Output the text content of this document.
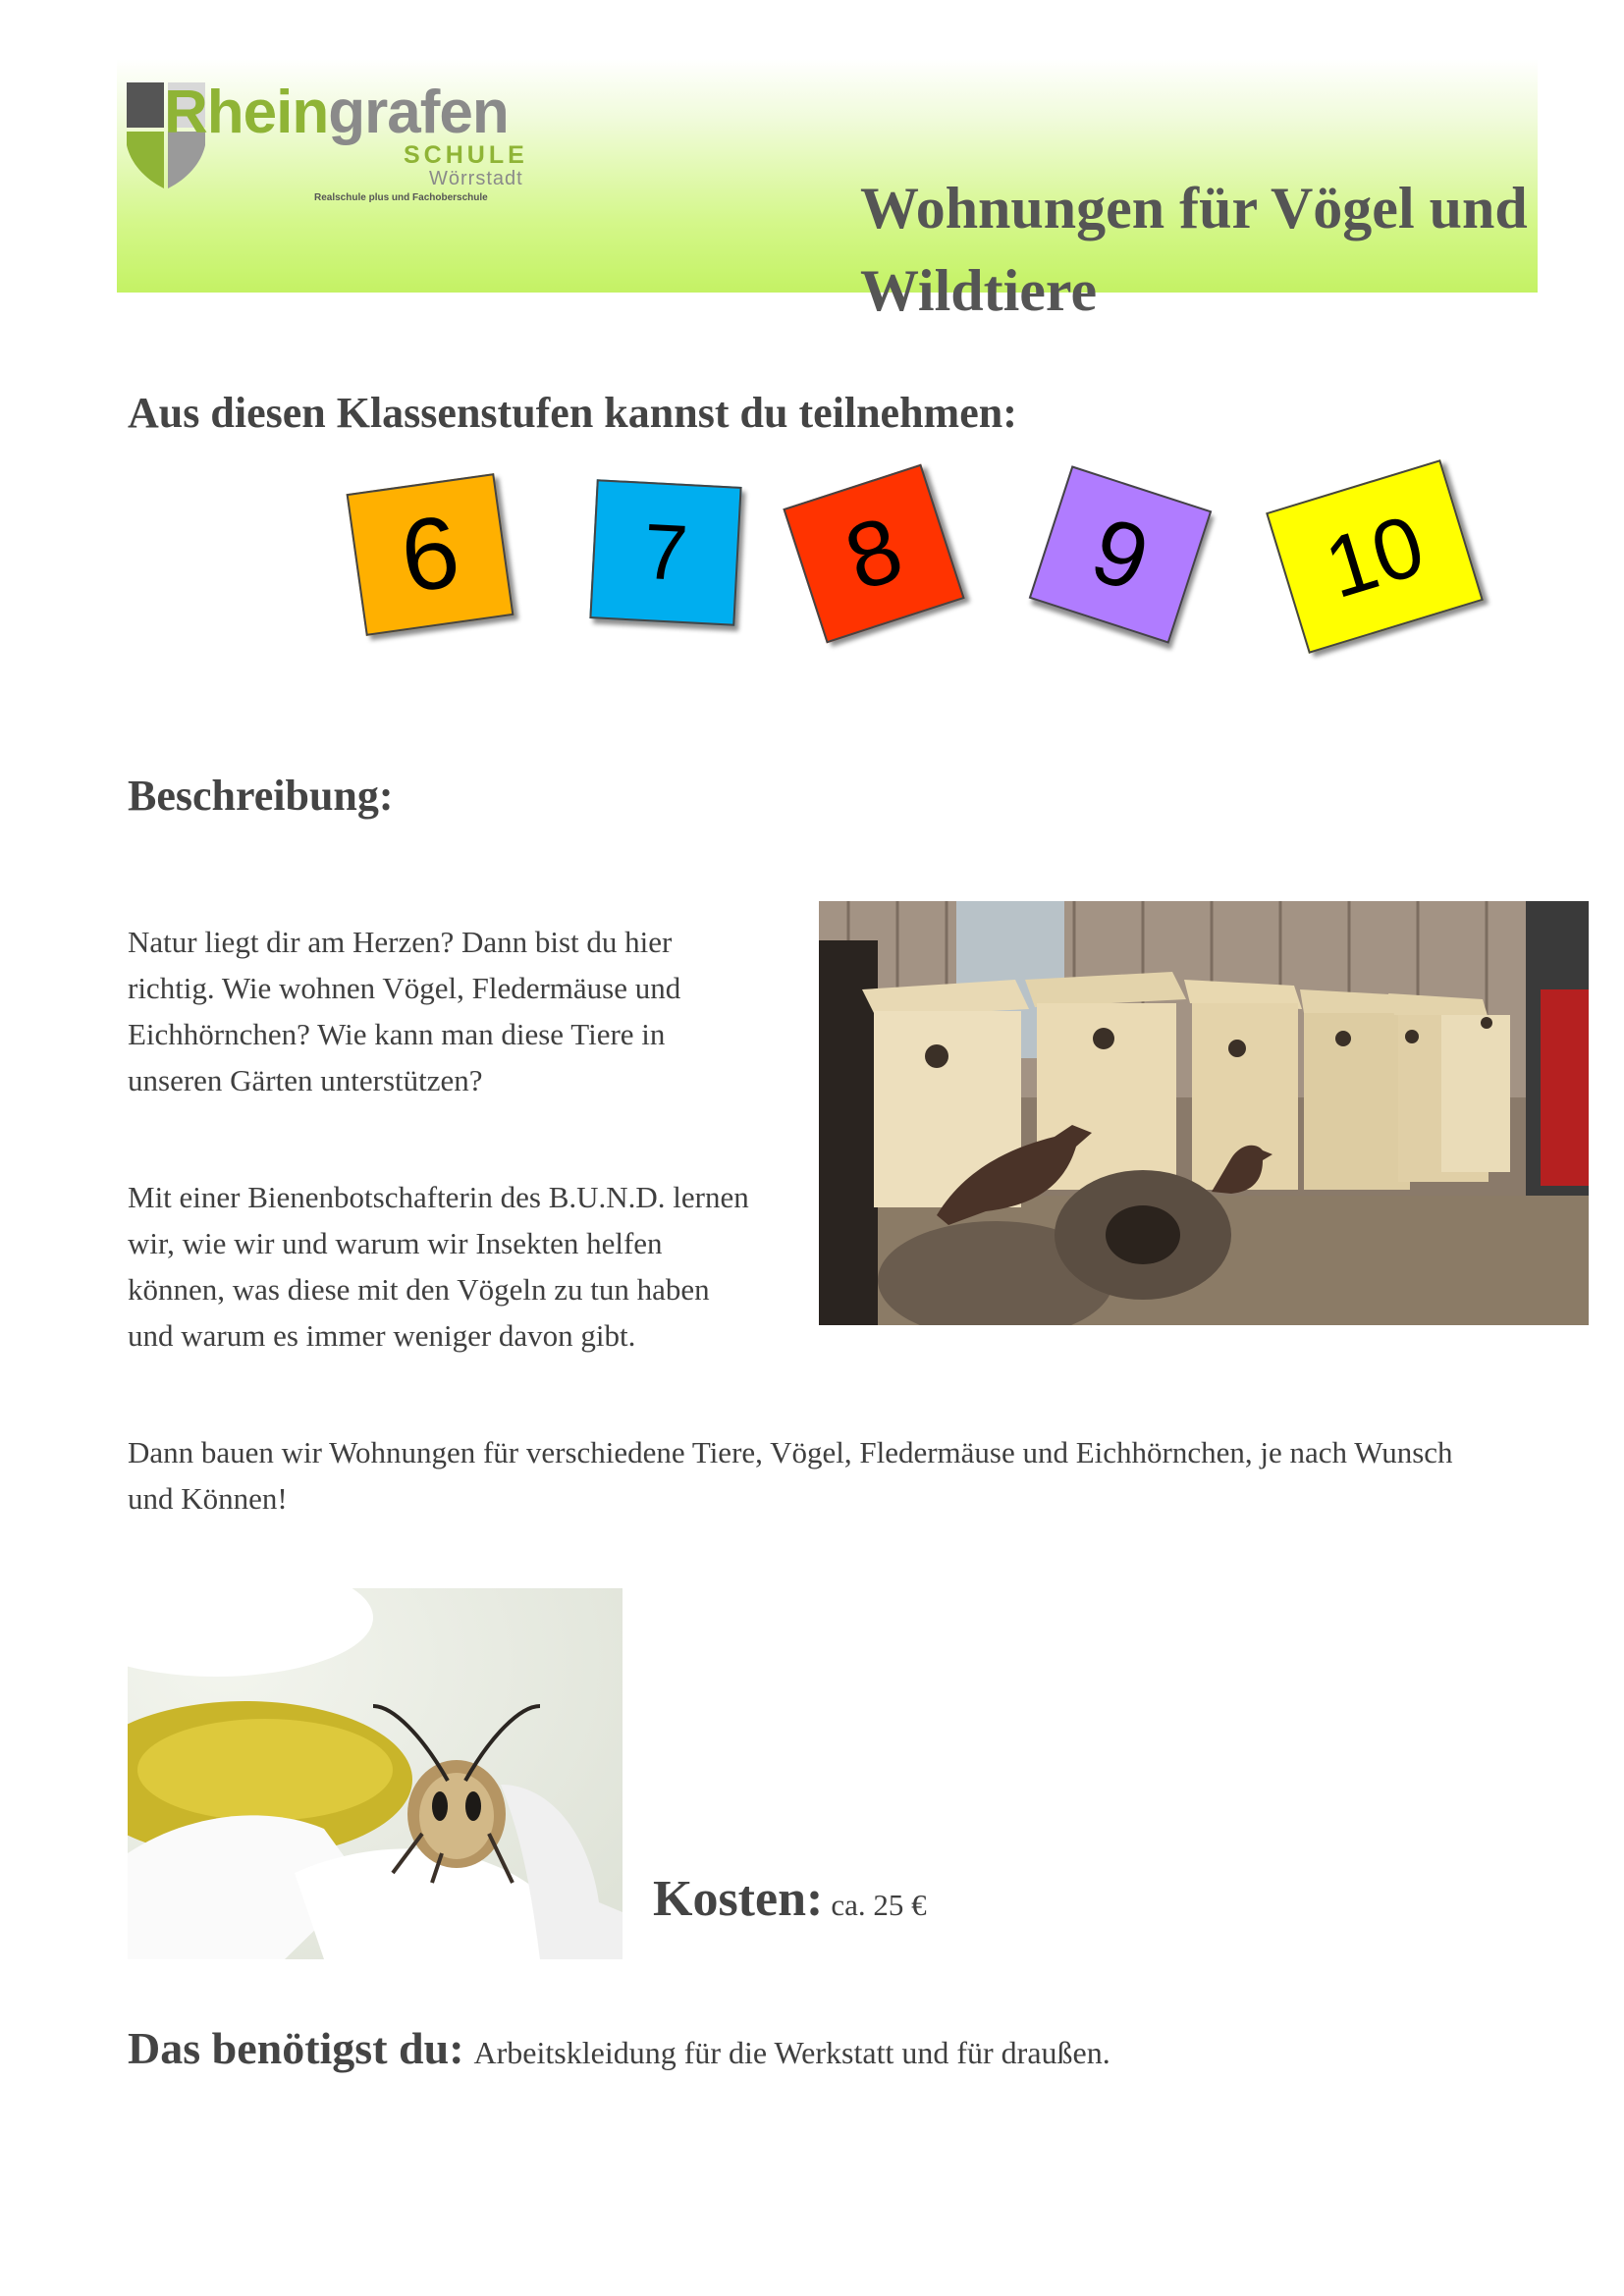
Rheingrafen
SCHULE
Wörrstadt
Realschule plus und Fachoberschule	Wohnungen für Vögel und Wildtiere
Aus diesen Klassenstufen kannst du teilnehmen:
6 7 8 9 10
Beschreibung:

Natur liegt dir am Herzen? Dann bist du hier richtig. Wie wohnen Vögel, Fledermäuse und Eichhörnchen? Wie kann man diese Tiere in unseren Gärten unterstützen?

Mit einer Bienenbotschafterin des B.U.N.D. lernen wir, wie wir und warum wir Insekten helfen können, was diese mit den Vögeln zu tun haben und warum es immer weniger davon gibt.

Dann bauen wir Wohnungen für verschiedene Tiere, Vögel, Fledermäuse und Eichhörnchen, je nach Wunsch und Können!

Kosten: ca. 25 €
Das benötigst du: Arbeitskleidung für die Werkstatt und für draußen.
